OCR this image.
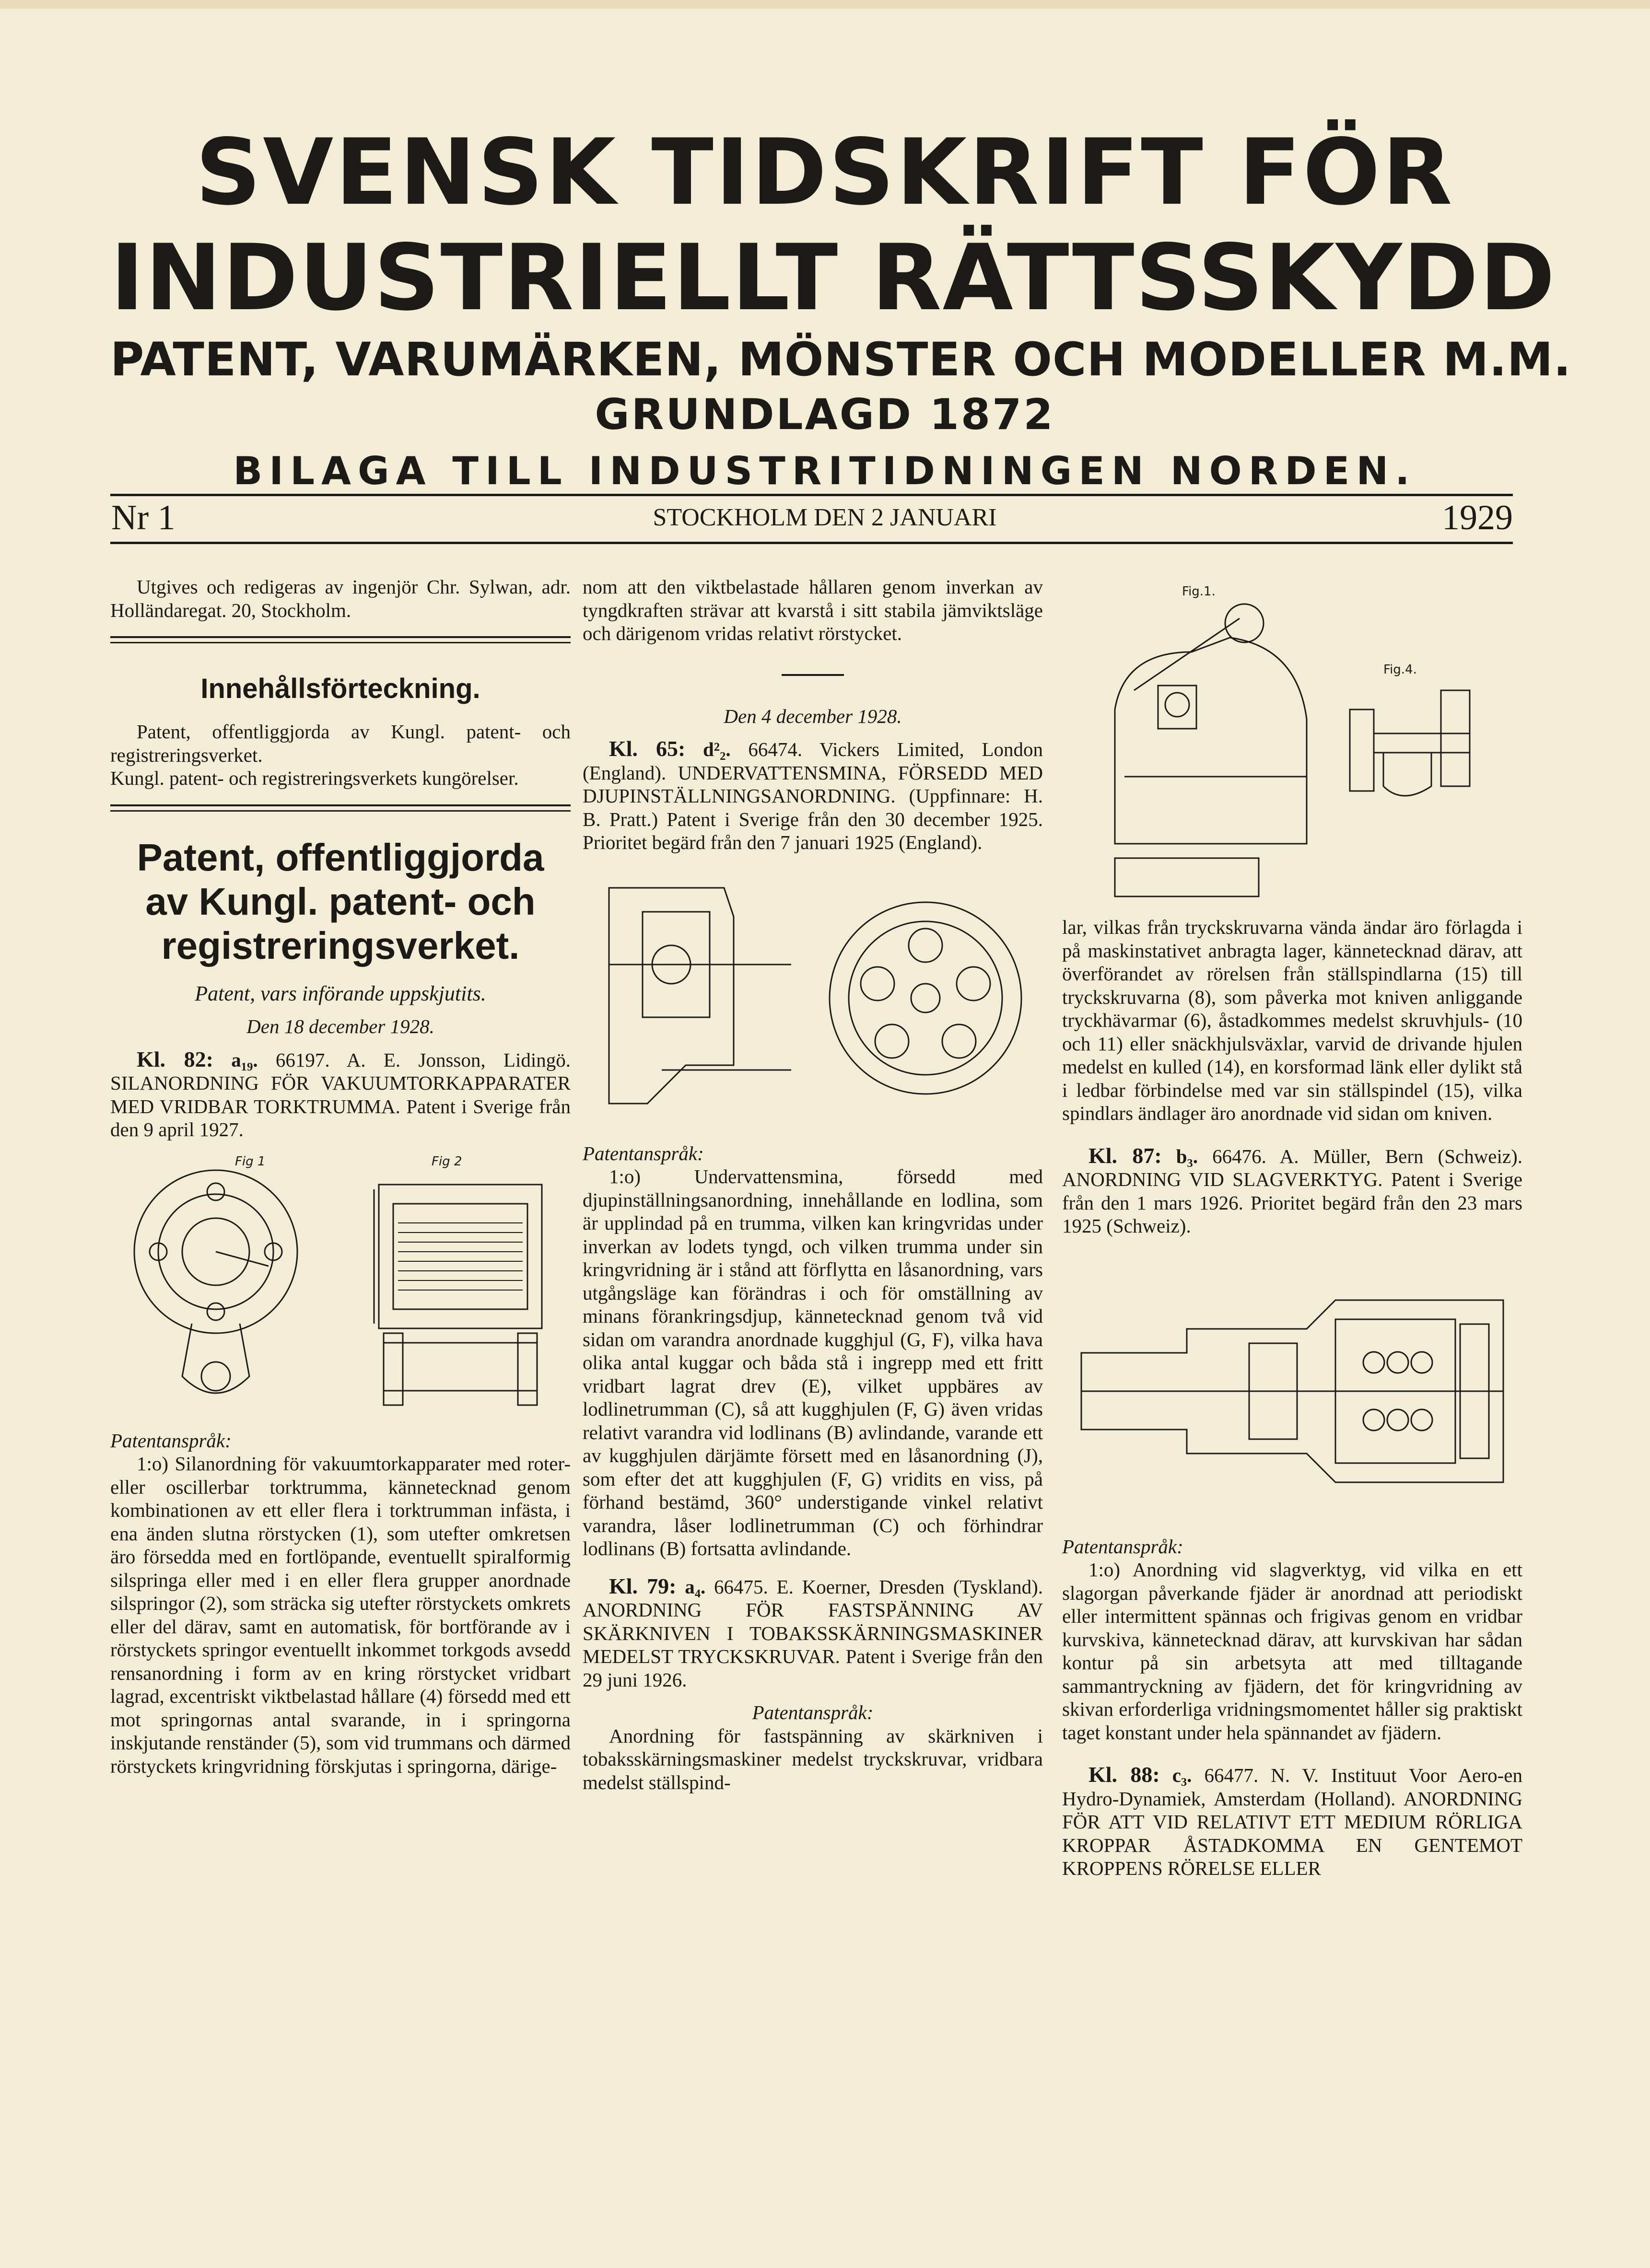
SVENSK TIDSKRIFT FÖR
INDUSTRIELLT RÄTTSSKYDD
PATENT, VARUMÄRKEN, MÖNSTER OCH MODELLER M.M.
GRUNDLAGD 1872
BILAGA TILL INDUSTRITIDNINGEN NORDEN.
Nr 1	STOCKHOLM DEN 2 JANUARI	1929

Utgives och redigeras av ingenjör Chr. Sylwan, adr. Holländaregat. 20, Stockholm.

Innehållsförteckning.

Patent, offentliggjorda av Kungl. patent- och registreringsverket.

Kungl. patent- och registreringsverkets kungörelser.

Patent, offentliggjorda

av Kungl. patent- och

registreringsverket.

Patent, vars införande uppskjutits.

Den 18 december 1928.

Kl. 82: a₁₉. 66197. A. E. Jonsson, Lidingö. SILANORDNING FÖR VAKUUMTORKAPPARATER MED VRIDBAR TORKTRUMMA. Patent i Sverige från den 9 april 1927.

Fig 1	Fig 2

Patentanspråk:

1:o) Silanordning för vakuumtorkapparater med roter- eller oscillerbar torktrumma, kännetecknad genom kombinationen av ett eller flera i torktrumman infästa, i ena änden slutna rörstycken (1), som utefter omkretsen äro försedda med en fortlöpande, eventuellt spiralformig silspringa eller med i en eller flera grupper anordnade silspringor (2), som sträcka sig utefter rörstyckets omkrets eller del därav, samt en automatisk, för bortförande av i rörstyckets springor eventuellt inkommet torkgods avsedd rensanordning i form av en kring rörstycket vridbart lagrad, excentriskt viktbelastad hållare (4) försedd med ett mot springornas antal svarande, in i springorna inskjutande renständer (5), som vid trummans och därmed rörstyckets kringvridning förskjutas i springorna, därige-

nom att den viktbelastade hållaren genom inverkan av tyngdkraften strävar att kvarstå i sitt stabila jämviktsläge och därigenom vridas relativt rörstycket.

Den 4 december 1928.

Kl. 65: d²₂. 66474. Vickers Limited, London (England). UNDERVATTENSMINA, FÖRSEDD MED DJUPINSTÄLLNINGSANORDNING. (Uppfinnare: H. B. Pratt.) Patent i Sverige från den 30 december 1925. Prioritet begärd från den 7 januari 1925 (England).

Patentanspråk:

1:o) Undervattensmina, försedd med djupinställningsanordning, innehållande en lodlina, som är upplindad på en trumma, vilken kan kringvridas under inverkan av lodets tyngd, och vilken trumma under sin kringvridning är i stånd att förflytta en låsanordning, vars utgångsläge kan förändras i och för omställning av minans förankringsdjup, kännetecknad genom två vid sidan om varandra anordnade kugghjul (G, F), vilka hava olika antal kuggar och båda stå i ingrepp med ett fritt vridbart lagrat drev (E), vilket uppbäres av lodlinetrumman (C), så att kugghjulen (F, G) även vridas relativt varandra vid lodlinans (B) avlindande, varande ett av kugghjulen därjämte försett med en låsanordning (J), som efter det att kugghjulen (F, G) vridits en viss, på förhand bestämd, 360° understigande vinkel relativt varandra, låser lodlinetrumman (C) och förhindrar lodlinans (B) fortsatta avlindande.

Kl. 79: a₄. 66475. E. Koerner, Dresden (Tyskland). ANORDNING FÖR FASTSPÄNNING AV SKÄRKNIVEN I TOBAKSSKÄRNINGSMASKINER MEDELST TRYCKSKRUVAR. Patent i Sverige från den 29 juni 1926.

Patentanspråk:

Anordning för fastspänning av skärkniven i tobaksskärningsmaskiner medelst tryckskruvar, vridbara medelst ställspind-

Fig.1.
Fig.4.

lar, vilkas från tryckskruvarna vända ändar äro förlagda i på maskinstativet anbragta lager, kännetecknad därav, att överförandet av rörelsen från ställspindlarna (15) till tryckskruvarna (8), som påverka mot kniven anliggande tryckhävarmar (6), åstadkommes medelst skruvhjuls- (10 och 11) eller snäckhjulsväxlar, varvid de drivande hjulen medelst en kulled (14), en korsformad länk eller dylikt stå i ledbar förbindelse med var sin ställspindel (15), vilka spindlars ändlager äro anordnade vid sidan om kniven.

Kl. 87: b₃. 66476. A. Müller, Bern (Schweiz). ANORDNING VID SLAGVERKTYG. Patent i Sverige från den 1 mars 1926. Prioritet begärd från den 23 mars 1925 (Schweiz).

Patentanspråk:

1:o) Anordning vid slagverktyg, vid vilka en ett slagorgan påverkande fjäder är anordnad att periodiskt eller intermittent spännas och frigivas genom en vridbar kurvskiva, kännetecknad därav, att kurvskivan har sådan kontur på sin arbetsyta att med tilltagande sammantryckning av fjädern, det för kringvridning av skivan erforderliga vridningsmomentet håller sig praktiskt taget konstant under hela spännandet av fjädern.

Kl. 88: c₃. 66477. N. V. Instituut Voor Aero-en Hydro-Dynamiek, Amsterdam (Holland). ANORDNING FÖR ATT VID RELATIVT ETT MEDIUM RÖRLIGA KROPPAR ÅSTADKOMMA EN GENTEMOT KROPPENS RÖRELSE ELLER
